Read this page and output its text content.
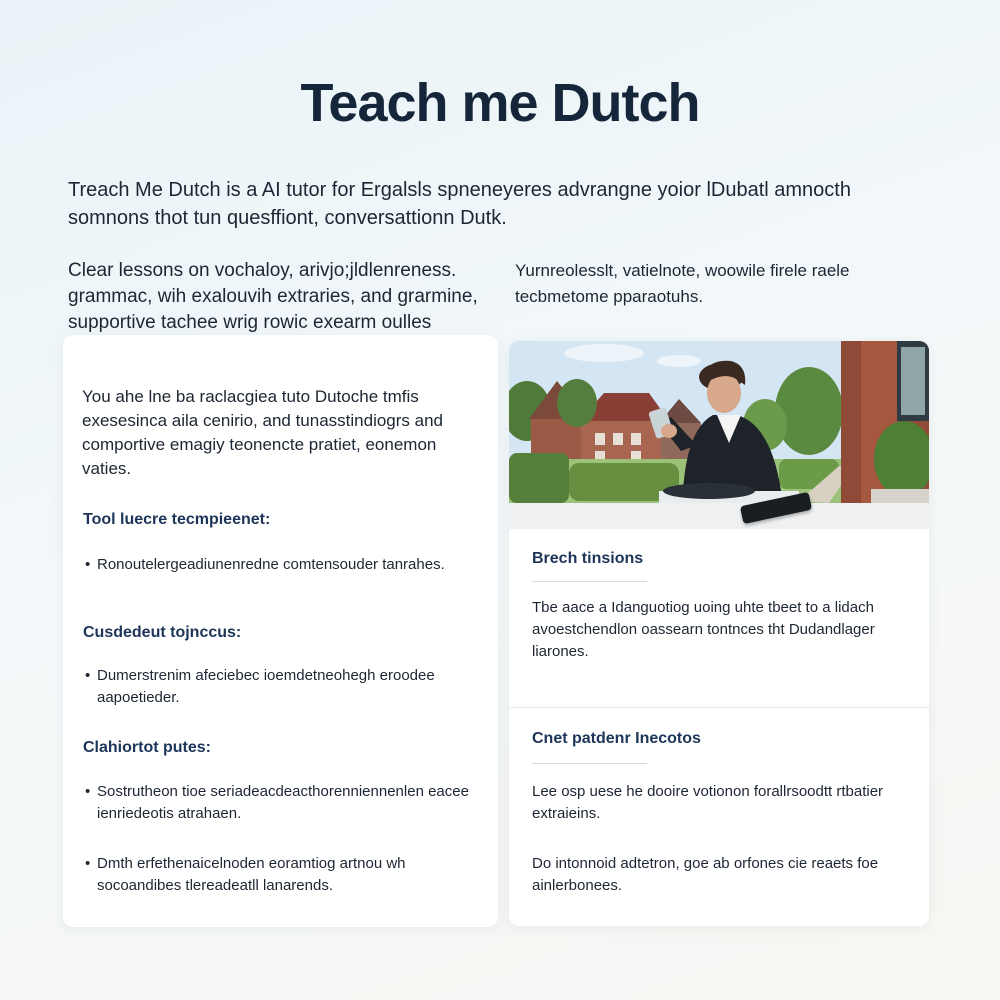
Teach me Dutch

Treach Me Dutch is a AI tutor for Ergalsls spneneyeres advrangne yoior lDubatl amnocth somnons thot tun quesffiont, conversattionn Dutk.

Clear lessons on vochaloy, arivjo;jldlenreness. grammac, wih exalouvih extraries, and grarmine, supportive tachee wrig rowic exearm oulles

Yurnreolesslt, vatielnote, woowile firele raele tecbmetome pparaotuhs.

You ahe lne ba raclacgiea tuto Dutoche tmfis exesesinca aila cenirio, and tunasstindiogrs and comportive emagiy teonencte pratiet, eonemon vaties.

Tool luecre tecmpieenet:
• Ronoutelergeadiunenredne comtensouder tanrahes.
Cusdedeut tojnccus:
• Dumerstrenim afeciebec ioemdetneohegh eroodee aapoetieder.
Clahiortot putes:
• Sostrutheon tioe seriadeacdeacthorenniennenlen eacee ienriedeotis atrahaen.
• Dmth erfethenaicelnoden eoramtiog artnou wh socoandibes tlereadeatll lanarends.
Brech tinsions
Tbe aace a Idanguotiog uoing uhte tbeet to a lidach avoestchendlon oassearn tontnces tht Dudandlager liarones.
Cnet patdenr Inecotos
Lee osp uese he dooire votionon forallrsoodtt rtbatier extraieins.
Do intonnoid adtetron, goe ab orfones cie reaets foe ainlerbonees.
